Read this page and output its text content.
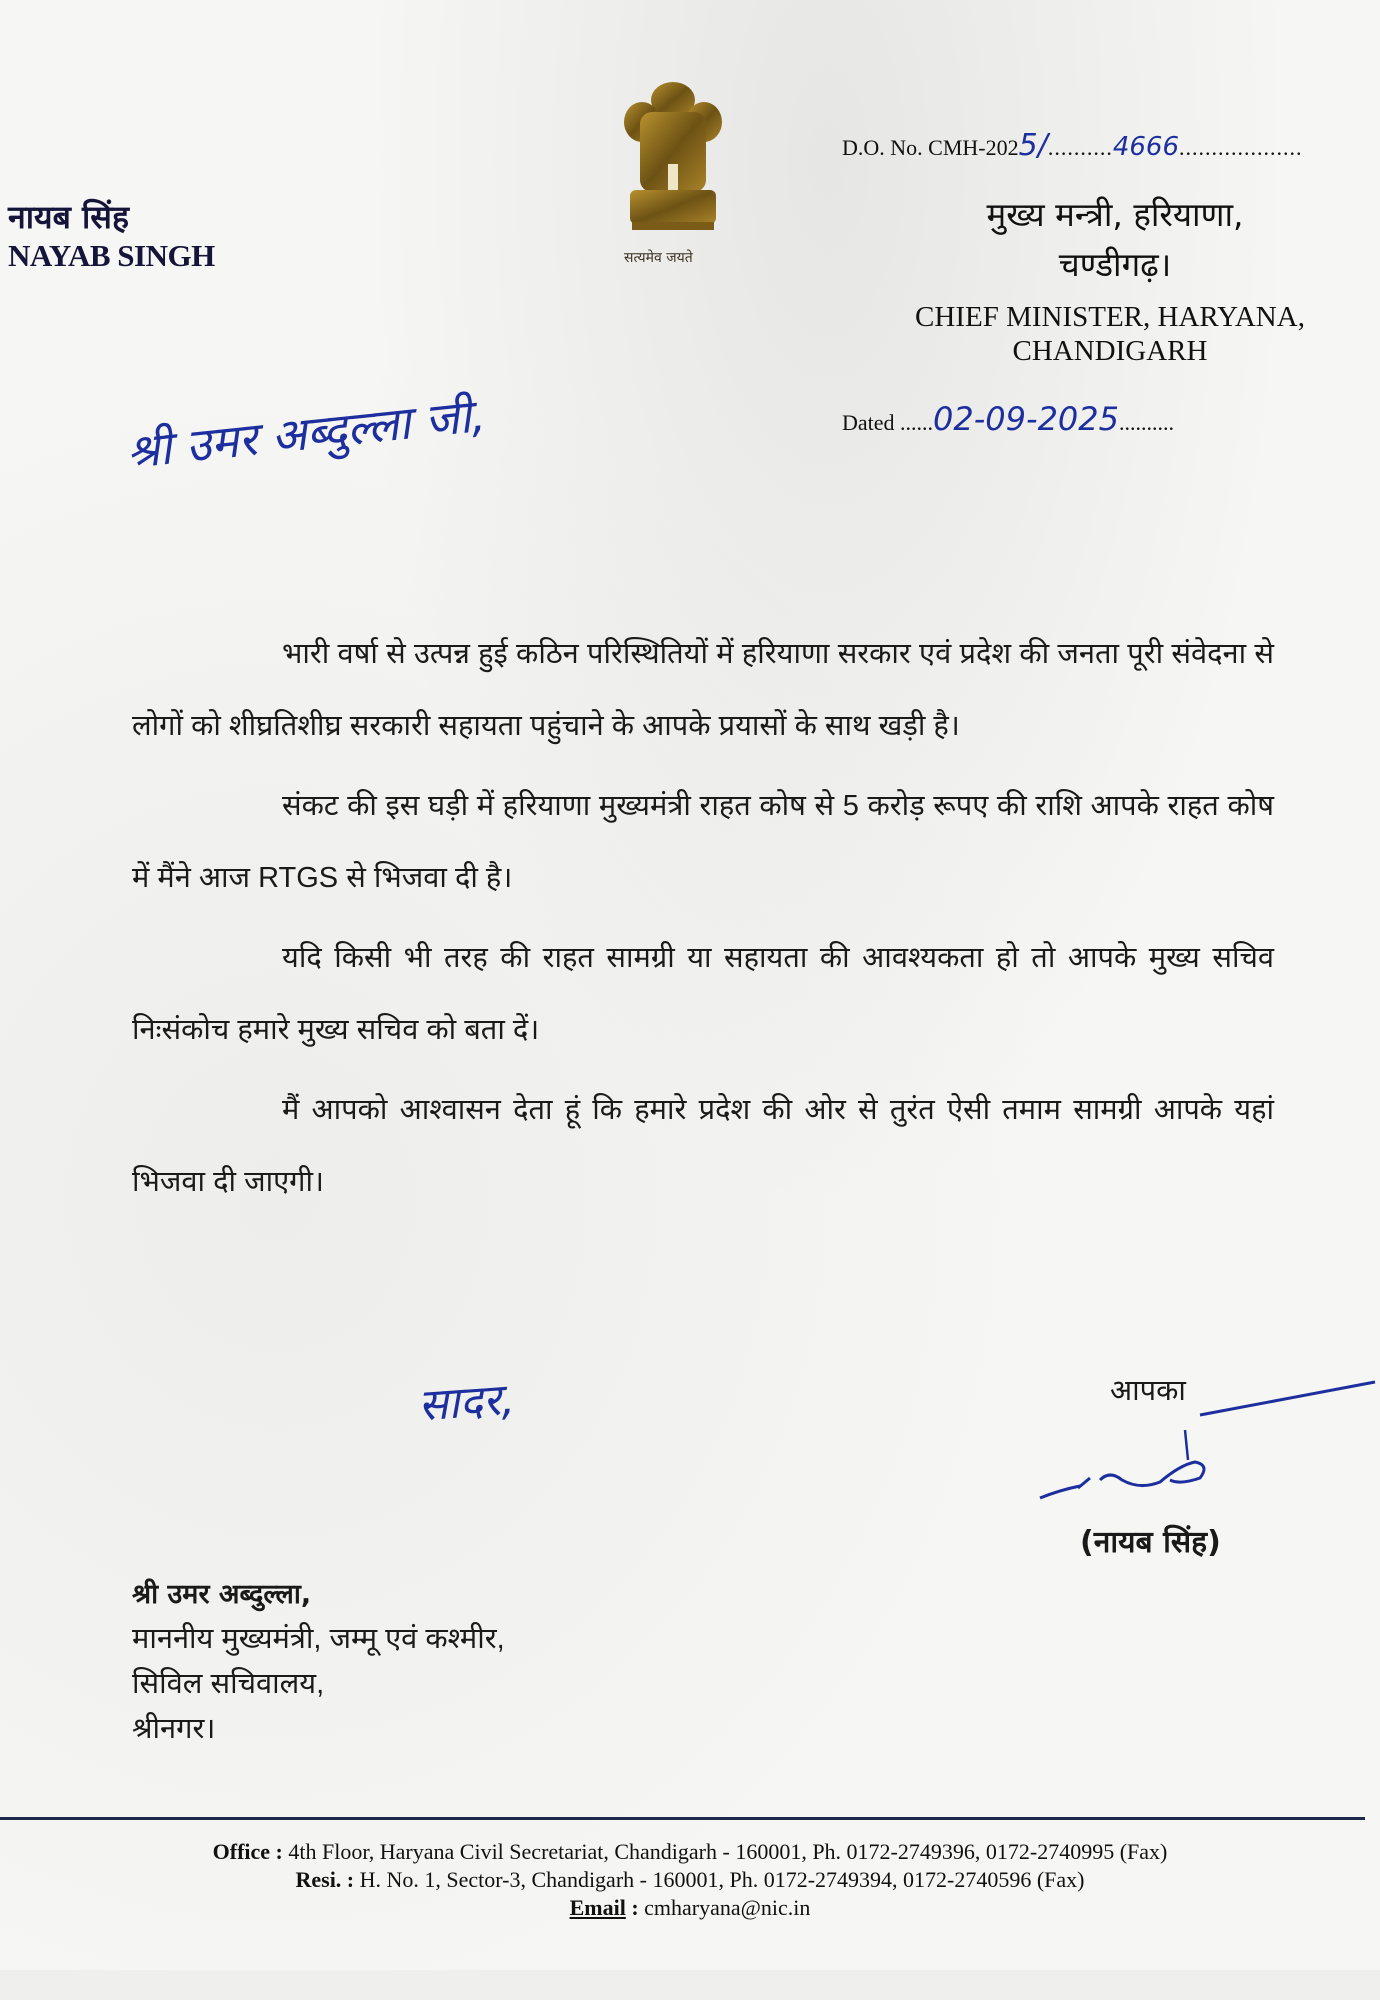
नायब सिंह
NAYAB SINGH	सत्यमेव जयते
D.O. No. CMH-2025/..........4666...................
मुख्य मन्त्री, हरियाणा,
चण्डीगढ़।
CHIEF MINISTER, HARYANA,
CHANDIGARH
Dated ......02-09-2025..........
श्री उमर अब्दुल्ला जी,

भारी वर्षा से उत्पन्न हुई कठिन परिस्थितियों में हरियाणा सरकार एवं प्रदेश की जनता पूरी संवेदना से लोगों को शीघ्रतिशीघ्र सरकारी सहायता पहुंचाने के आपके प्रयासों के साथ खड़ी है।

संकट की इस घड़ी में हरियाणा मुख्यमंत्री राहत कोष से 5 करोड़ रूपए की राशि आपके राहत कोष में मैंने आज RTGS से भिजवा दी है।

यदि किसी भी तरह की राहत सामग्री या सहायता की आवश्यकता हो तो आपके मुख्य सचिव निःसंकोच हमारे मुख्य सचिव को बता दें।

मैं आपको आश्वासन देता हूं कि हमारे प्रदेश की ओर से तुरंत ऐसी तमाम सामग्री आपके यहां भिजवा दी जाएगी।

सादर,	आपका
(नायब सिंह)
श्री उमर अब्दुल्ला,
माननीय मुख्यमंत्री, जम्मू एवं कश्मीर,
सिविल सचिवालय,
श्रीनगर।
Office : 4th Floor, Haryana Civil Secretariat, Chandigarh - 160001, Ph. 0172-2749396, 0172-2740995 (Fax)
Resi. : H. No. 1, Sector-3, Chandigarh - 160001, Ph. 0172-2749394, 0172-2740596 (Fax)
Email : cmharyana@nic.in
